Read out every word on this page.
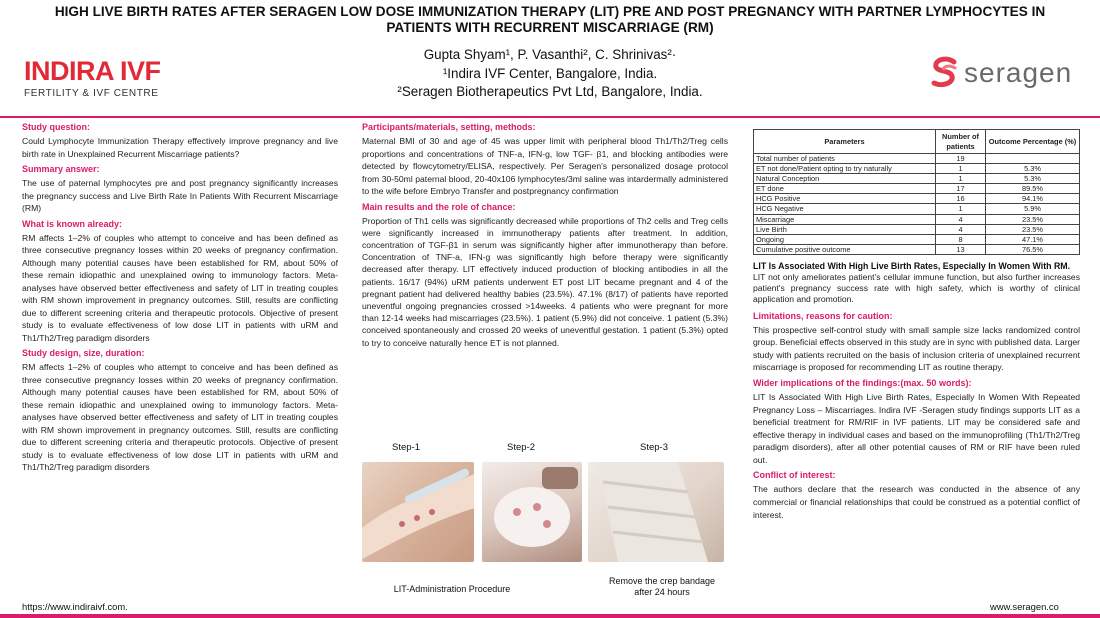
HIGH LIVE BIRTH RATES AFTER SERAGEN LOW DOSE IMMUNIZATION THERAPY (LIT) PRE AND POST PREGNANCY WITH PARTNER LYMPHOCYTES IN PATIENTS WITH RECURRENT MISCARRIAGE (RM)
Gupta Shyam¹, P. Vasanthi², C. Shrinivas²·
¹Indira IVF Center, Bangalore, India.
²Seragen Biotherapeutics Pvt Ltd, Bangalore, India.
INDIRA IVF
FERTILITY & IVF CENTRE
seragen
Study question:
Could Lymphocyte Immunization Therapy effectively improve pregnancy and live birth rate in Unexplained Recurrent Miscarriage patients?
Summary answer:
The use of paternal lymphocytes pre and post pregnancy significantly increases the pregnancy success and Live Birth Rate In Patients With Recurrent Miscarriage (RM)
What is known already:
RM affects 1–2% of couples who attempt to conceive and has been defined as three consecutive pregnancy losses within 20 weeks of pregnancy confirmation. Although many potential causes have been established for RM, about 50% of these remain idiopathic and unexplained owing to immunology factors. Meta-analyses have observed better effectiveness and safety of LIT in treating couples with RM shown improvement in pregnancy outcomes. Still, results are conflicting due to different screening criteria and therapeutic protocols. Objective of present study is to evaluate effectiveness of low dose LIT in patients with uRM and Th1/Th2/Treg paradigm disorders
Study design, size, duration:
RM affects 1–2% of couples who attempt to conceive and has been defined as three consecutive pregnancy losses within 20 weeks of pregnancy confirmation. Although many potential causes have been established for RM, about 50% of these remain idiopathic and unexplained owing to immunology factors. Meta-analyses have observed better effectiveness and safety of LIT in treating couples with RM shown improvement in pregnancy outcomes. Still, results are conflicting due to different screening criteria and therapeutic protocols. Objective of present study is to evaluate effectiveness of low dose LIT in patients with uRM and Th1/Th2/Treg paradigm disorders
Participants/materials, setting, methods:
Maternal BMI of 30 and age of 45 was upper limit with peripheral blood Th1/Th2/Treg cells proportions and concentrations of TNF-a, IFN-g, low TGF- β1, and blocking antibodies were detected by flowcytometry/ELISA, respectively. Per Seragen's personalized dosage protocol from 30-50ml paternal blood, 20-40x106 lymphocytes/3ml saline was intardermally administered to the wife before Embryo Transfer and postpregnancy confirmation
Main results and the role of chance:
Proportion of Th1 cells was significantly decreased while proportions of Th2 cells and Treg cells were significantly increased in immunotherapy patients after treatment. In addition, concentration of TGF-β1 in serum was significantly higher after immunotherapy than before. Concentration of TNF-a, IFN-g was significantly high before therapy were significantly decreased after therapy. LIT effectively induced production of blocking antibodies in all the patients. 16/17 (94%) uRM patients underwent ET post LIT became pregnant and 4 of the pregnant patient had delivered healthy babies (23.5%). 47.1% (8/17) of patients have reported uneventful ongoing pregnancies crossed >14weeks. 4 patients who were pregnant for more than 12-14 weeks had miscarriages (23.5%). 1 patient (5.9%) did not conceive. 1 patient (5.3%) conceived spontaneously and crossed 20 weeks of uneventful gestation. 1 patient (5.3%) opted to try to conceive naturally hence ET is not planned.
Step-1	Step-2	Step-3
LIT-Administration Procedure
Remove the crep bandage after 24 hours
Parameters	Number of patients	Outcome Percentage (%)
Total number of patients	19	
ET not done/Patient opting to try naturally	1	5.3%
Natural Conception	1	5.3%
ET done	17	89.5%
HCG Positive	16	94.1%
HCG Negative	1	5.9%
Miscarriage	4	23.5%
Live Birth	4	23.5%
Ongoing	8	47.1%
Cumulative positive outcome	13	76.5%
LIT Is Associated With High Live Birth Rates, Especially In Women With RM.
LIT not only ameliorates patient's cellular immune function, but also further increases patient's pregnancy success rate with high safety, which is worthy of clinical application and promotion.
Limitations, reasons for caution:
This prospective self-control study with small sample size lacks randomized control group. Beneficial effects observed in this study are in sync with published data. Larger study with patients recruited on the basis of inclusion criteria of unexplained recurrent miscarriage is proposed for recommending LIT as routine therapy.
Wider implications of the findings:(max. 50 words):
LIT Is Associated With High Live Birth Rates, Especially In Women With Repeated Pregnancy Loss – Miscarriages. Indira IVF -Seragen study findings supports LIT as a beneficial treatment for RM/RIF in IVF patients. LIT may be considered safe and effective therapy in individual cases and based on the immunoprofiling (Th1/Th2/Treg paradigm disorders), after all other potential causes of RM or RIF have been ruled out.
Conflict of interest:
The authors declare that the research was conducted in the absence of any commercial or financial relationships that could be construed as a potential conflict of interest.
https://www.indiraivf.com.	www.seragen.co
